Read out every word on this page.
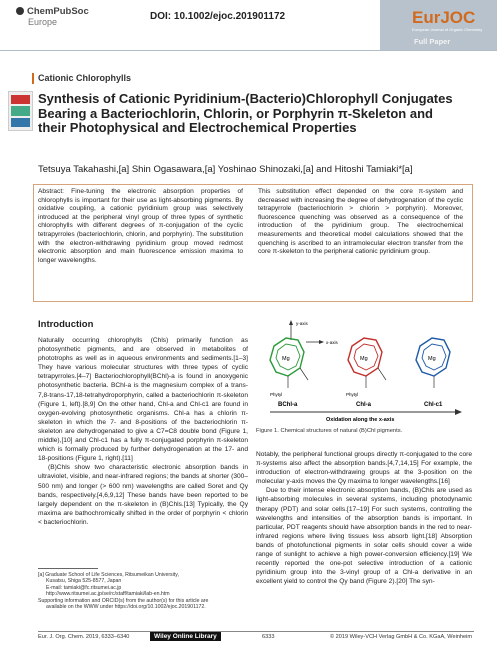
ChemPubSoc
Europe	DOI: 10.1002/ejoc.201901172	EurJOC
European Journal of Organic Chemistry
Full Paper
Cationic Chlorophylls
Synthesis of Cationic Pyridinium-(Bacterio)Chlorophyll Conjugates Bearing a Bacteriochlorin, Chlorin, or Porphyrin π-Skeleton and their Photophysical and Electrochemical Properties
Tetsuya Takahashi,[a] Shin Ogasawara,[a] Yoshinao Shinozaki,[a] and Hitoshi Tamiaki*[a]

Abstract: Fine-tuning the electronic absorption properties of chlorophylls is important for their use as light-absorbing pigments. By oxidative coupling, a cationic pyridinium group was selectively introduced at the peripheral vinyl group of three types of synthetic chlorophylls with different degrees of π-conjugation of the cyclic tetrapyrroles (bacteriochlorin, chlorin, and porphyrin). The substitution with the electron-withdrawing pyridinium group moved redmost electronic absorption and main fluorescence emission maxima to longer wavelengths.

This substitution effect depended on the core π-system and decreased with increasing the degree of dehydrogenation of the cyclic tetrapyrrole (bacteriochlorin > chlorin > porphyrin). Moreover, fluorescence quenching was observed as a consequence of the introduction of the pyridinium group. The electrochemical measurements and theoretical model calculations showed that the quenching is ascribed to an intramolecular electron transfer from the core π-skeleton to the peripheral cationic pyridinium group.

Introduction

Naturally occurring chlorophylls (Chls) primarily function as photosynthetic pigments, and are observed in metabolites of phototrophs as well as in aqueous environments and sediments.[1–3] They have various molecular structures with three types of cyclic tetrapyrroles.[4–7] Bacteriochlorophyll(BChl)-a is found in anoxygenic photosynthetic bacteria. BChl-a is the magnesium complex of a trans-7,8-trans-17,18-tetrahydroporphyrin, called a bacteriochlorin π-skeleton (Figure 1, left).[8,9] On the other hand, Chl-a and Chl-c1 are found in oxygen-evolving photosynthetic organisms. Chl-a has a chlorin π-skeleton in which the 7- and 8-positions of the bacteriochlorin π-skeleton are dehydrogenated to give a C7=C8 double bond (Figure 1, middle),[10] and Chl-c1 has a fully π-conjugated porphyrin π-skeleton which is formally produced by further dehydrogenation at the 17- and 18-positions (Figure 1, right).[11]

(B)Chls show two characteristic electronic absorption bands in ultraviolet, visible, and near-infrared regions; the bands at shorter (300–500 nm) and longer (> 600 nm) wavelengths are called Soret and Qy bands, respectively.[4,6,9,12] These bands have been reported to be largely dependent on the π-skeleton in (B)Chls.[13] Typically, the Qy maxima are bathochromically shifted in the order of porphyrin < chlorin < bacteriochlorin.

Mg
y-axis
x-axis
Mg	Mg
Phytyl	Phytyl
BChl-a	Chl-a	Chl-c1
Oxidation along the x-axis
Figure 1. Chemical structures of natural (B)Chl pigments.

Notably, the peripheral functional groups directly π-conjugated to the core π-systems also affect the absorption bands.[4,7,14,15] For example, the introduction of electron-withdrawing groups at the 3-position on the molecular y-axis moves the Qy maxima to longer wavelengths.[16]

Due to their intense electronic absorption bands, (B)Chls are used as light-absorbing molecules in several systems, including photodynamic therapy (PDT) and solar cells.[17–19] For such systems, controlling the wavelengths and intensities of the absorption bands is important. In particular, PDT reagents should have absorption bands in the red to near-infrared regions where living tissues less absorb light.[18] Absorption bands of photofunctional pigments in solar cells should cover a wide range of sunlight to achieve a high power-conversion efficiency.[19] We recently reported the one-pot selective introduction of a cationic pyridinium group into the 3-vinyl group of a Chl-a derivative in an excellent yield to control the Qy band (Figure 2).[20] The syn-

[a] Graduate School of Life Sciences, Ritsumeikan University,

Kusatsu, Shiga 525-8577, Japan

E-mail: tamiaki@fc.ritsumei.ac.jp

http://www.ritsumei.ac.jp/se/rc/staff/tamiaki/lab-en.htm

Supporting information and ORCID(s) from the author(s) for this article are

available on the WWW under https://doi.org/10.1002/ejoc.201901172.

Eur. J. Org. Chem. 2019, 6333–6340	Wiley Online Library	6333	© 2019 Wiley-VCH Verlag GmbH & Co. KGaA, Weinheim
